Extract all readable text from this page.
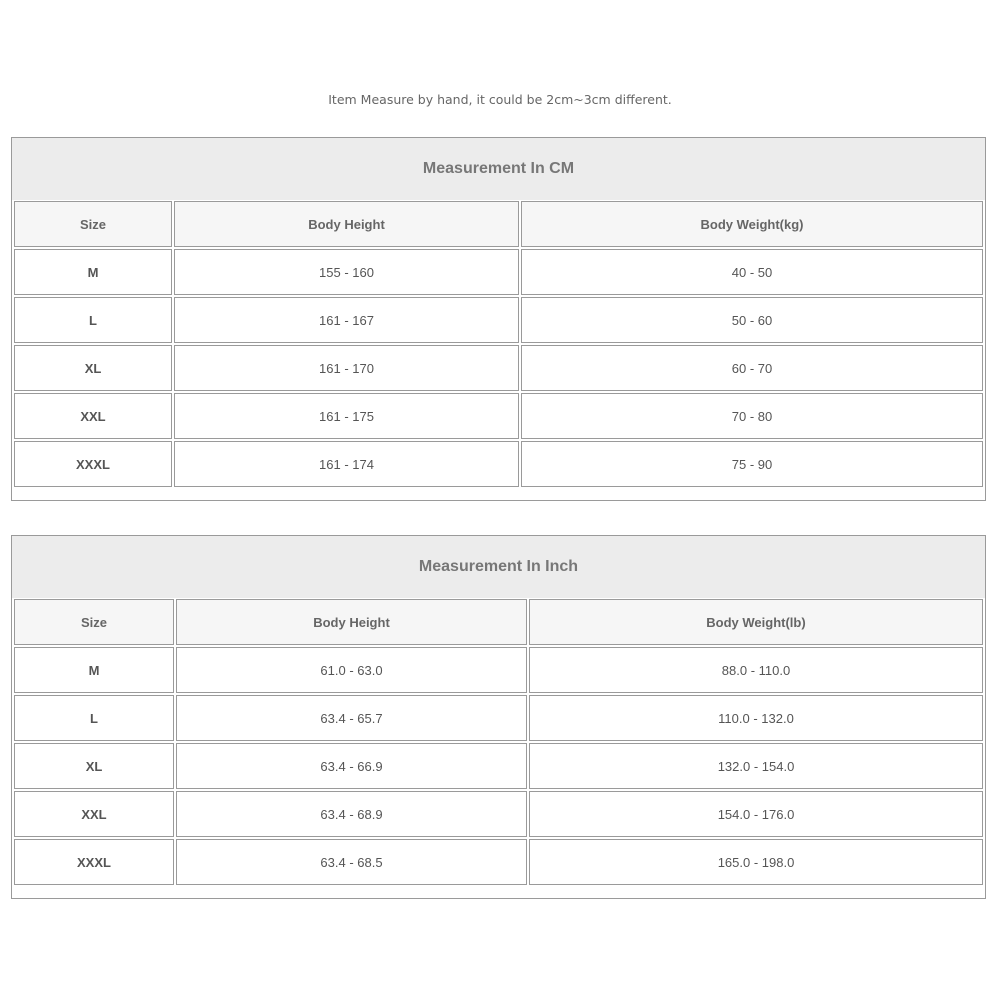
Item Measure by hand, it could be 2cm~3cm different.
Measurement In CM
Size	Body Height	Body Weight(kg)
M	155 - 160	40 - 50
L	161 - 167	50 - 60
XL	161 - 170	60 - 70
XXL	161 - 175	70 - 80
XXXL	161 - 174	75 - 90
Measurement In Inch
Size	Body Height	Body Weight(lb)
M	61.0 - 63.0	88.0 - 110.0
L	63.4 - 65.7	110.0 - 132.0
XL	63.4 - 66.9	132.0 - 154.0
XXL	63.4 - 68.9	154.0 - 176.0
XXXL	63.4 - 68.5	165.0 - 198.0
